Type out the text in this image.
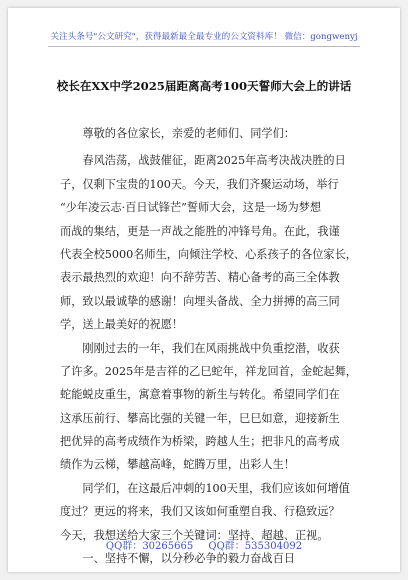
关注头条号"公文研究"，获得最新最全最专业的公文资料库！ 微信：gongwenyj
校长在XX中学2025届距离高考100天誓师大会上的讲话
　　尊敬的各位家长，亲爱的老师们、同学们：
　　春风浩荡，战鼓催征，距离2025年高考决战决胜的日
子，仅剩下宝贵的100天。今天，我们齐聚运动场，举行
“少年凌云志·百日试锋芒”誓师大会，这是一场为梦想
而战的集结，更是一声战之能胜的冲锋号角。在此，我谨
代表全校5000名师生，向倾注学校、心系孩子的各位家长，
表示最热烈的欢迎！向不辞劳苦、精心备考的高三全体教
师，致以最诚挚的感谢！向埋头备战、全力拼搏的高三同
学，送上最美好的祝愿！
　　刚刚过去的一年，我们在风雨挑战中负重挖潜，收获
了许多。2025年是吉祥的乙巳蛇年，祥龙回首，金蛇起舞，
蛇能蜕皮重生，寓意着事物的新生与转化。希望同学们在
这承压前行、攀高比强的关键一年，巳巳如意，迎接新生
把优异的高考成绩作为桥梁，跨越人生；把非凡的高考成
绩作为云梯，攀越高峰，蛇腾万里，出彩人生！
　　同学们，在这最后冲刺的100天里，我们应该如何增值
度过？更远的将来，我们又该如何重塑自我、行稳致远？
今天，我想送给大家三个关键词：坚持、超越、正视。
　　一、坚持不懈，以分秒必争的毅力奋战百日
QQ群：30265665 QQ群：535304092
